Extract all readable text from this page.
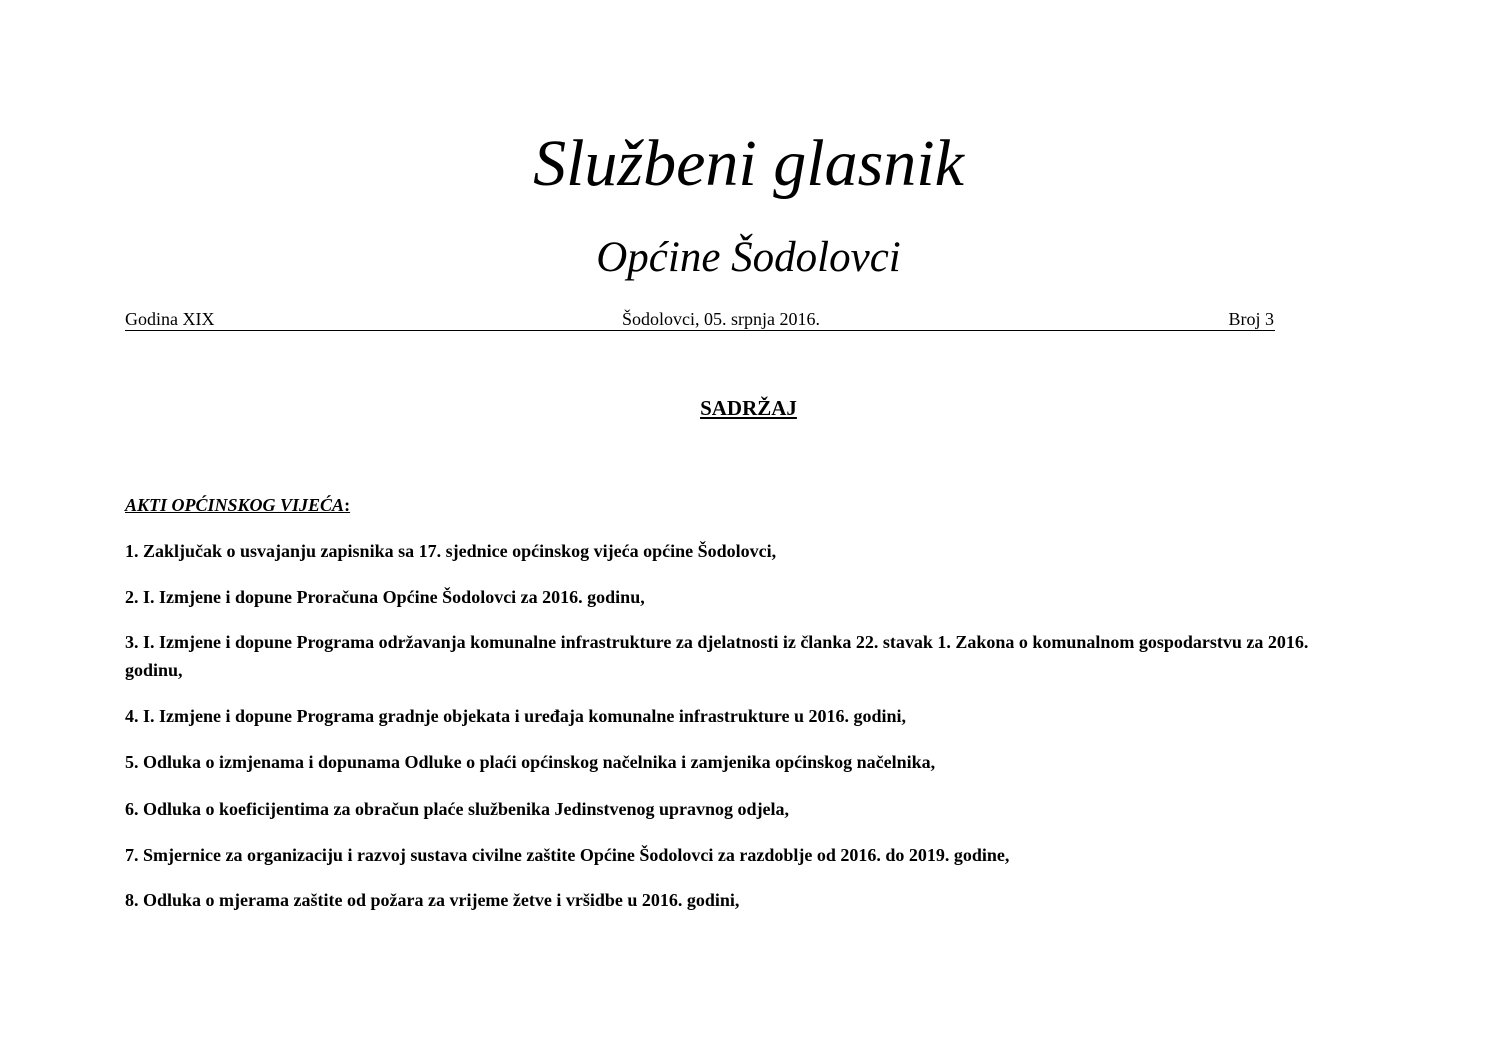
Službeni glasnik
Općine Šodolovci
Godina XIX	Šodolovci, 05. srpnja 2016.	Broj 3
SADRŽAJ
AKTI OPĆINSKOG VIJEĆA:
1. Zaključak o usvajanju zapisnika sa 17. sjednice općinskog vijeća općine Šodolovci,
2. I. Izmjene i dopune Proračuna Općine Šodolovci za 2016. godinu,
3. I. Izmjene i dopune Programa održavanja komunalne infrastrukture za djelatnosti iz članka 22. stavak 1. Zakona o komunalnom gospodarstvu za 2016. godinu,
4. I. Izmjene i dopune Programa gradnje objekata i uređaja komunalne infrastrukture u 2016. godini,
5. Odluka o izmjenama i dopunama Odluke o plaći općinskog načelnika i zamjenika općinskog načelnika,
6. Odluka o koeficijentima za obračun plaće službenika Jedinstvenog upravnog odjela,
7. Smjernice za organizaciju i razvoj sustava civilne zaštite Općine Šodolovci za razdoblje od 2016. do 2019. godine,
8. Odluka o mjerama zaštite od požara za vrijeme žetve i vršidbe u 2016. godini,
